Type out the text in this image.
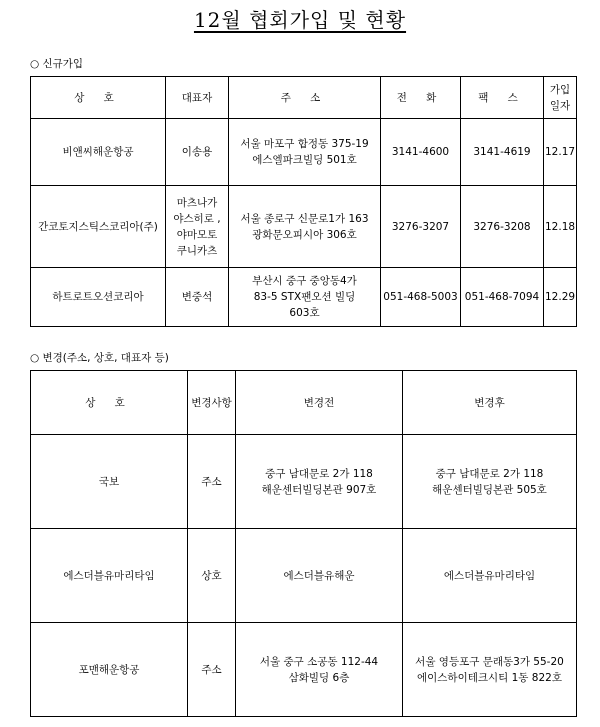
12월 협회가입 및 현황
○ 신규가입
상 호	대표자	주 소	전 화	팩 스	가입
일자
비앤씨해운항공	이송용	서울 마포구 합정동 375-19
에스엘파크빌딩 501호	3141-4600	3141-4619	12.17
간코토지스틱스코리아(주)	마츠나가
야스히로 ,
야마모토
쿠니카츠	서울 종로구 신문로1가 163
광화문오피시아 306호	3276-3207	3276-3208	12.18
하트로트오션코리아	변중석	부산시 중구 중앙동4가
83-5 STX팬오션 빌딩
603호	051-468-5003	051-468-7094	12.29
○ 변경(주소, 상호, 대표자 등)
상 호	변경사항	변경전	변경후
국보	주소	중구 남대문로 2가 118
해운센터빌딩본관 907호	중구 남대문로 2가 118
해운센터빌딩본관 505호
에스더블유마리타임	상호	에스더블유해운	에스더블유마리타임
포맨해운항공	주소	서울 중구 소공동 112-44
삼화빌딩 6층	서울 영등포구 문래동3가 55-20
에이스하이테크시티 1동 822호
